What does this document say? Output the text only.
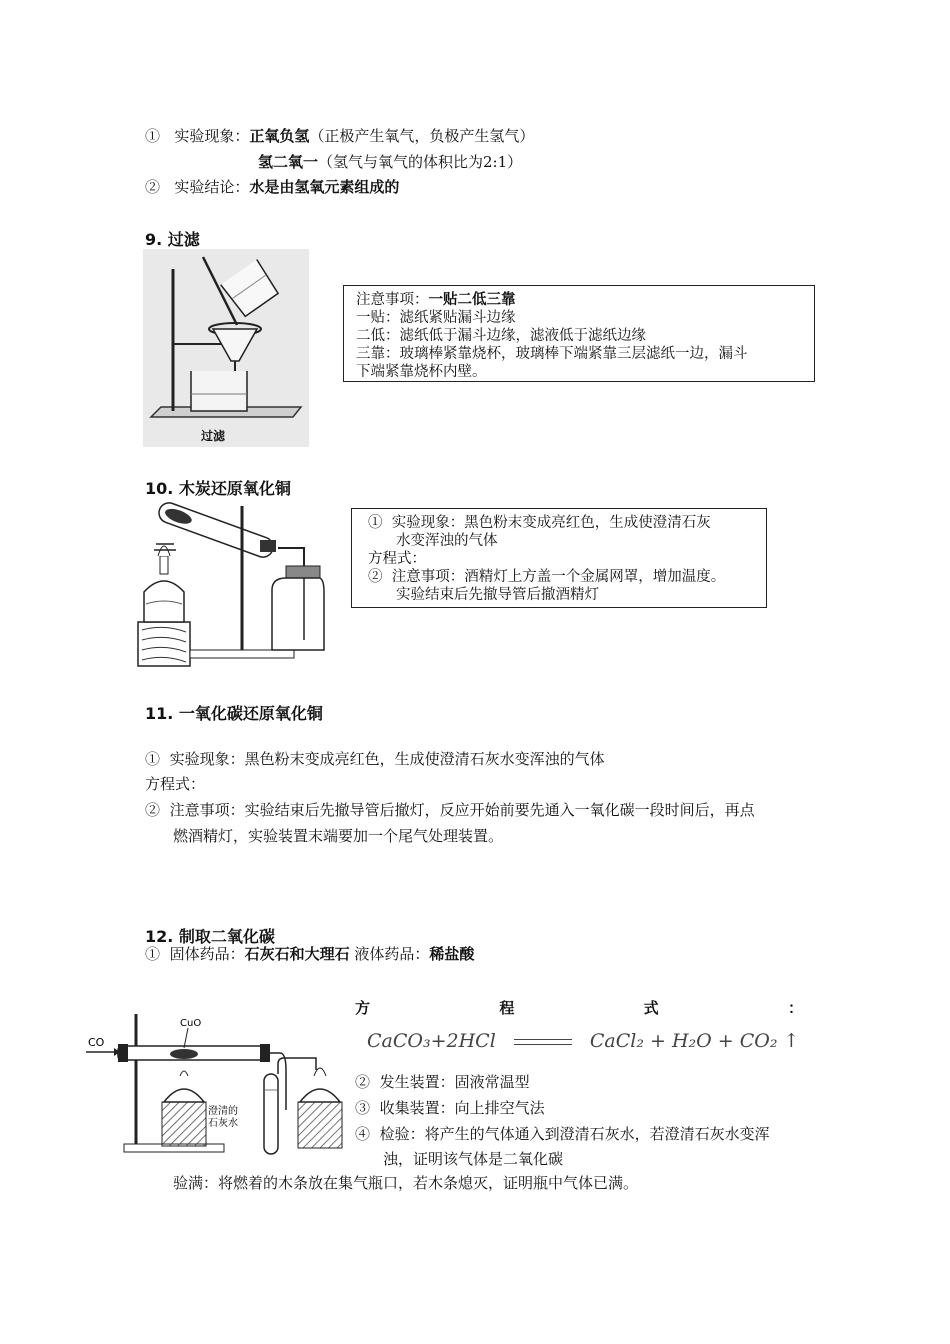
① 实验现象：正氧负氢（正极产生氧气，负极产生氢气）
氢二氧一（氢气与氧气的体积比为2:1）
② 实验结论：水是由氢氧元素组成的
9. 过滤
过滤
注意事项：一贴二低三靠
一贴：滤纸紧贴漏斗边缘
二低：滤纸低于漏斗边缘，滤液低于滤纸边缘
三靠：玻璃棒紧靠烧杯，玻璃棒下端紧靠三层滤纸一边，漏斗
下端紧靠烧杯内壁。
10. 木炭还原氧化铜
① 实验现象：黑色粉末变成亮红色，生成使澄清石灰
水变浑浊的气体
方程式：
② 注意事项：酒精灯上方盖一个金属网罩，增加温度。
实验结束后先撤导管后撤酒精灯
11. 一氧化碳还原氧化铜
① 实验现象：黑色粉末变成亮红色，生成使澄清石灰水变浑浊的气体
方程式：
② 注意事项：实验结束后先撤导管后撤灯，反应开始前要先通入一氧化碳一段时间后，再点
燃酒精灯，实验装置末端要加一个尾气处理装置。
12. 制取二氧化碳
① 固体药品：石灰石和大理石 液体药品：稀盐酸
CO
CuO
澄清的
石灰水
方	程	式	：
CaCO₃+2HCl	CaCl₂ + H₂O + CO₂ ↑
② 发生装置：固液常温型
③ 收集装置：向上排空气法
④ 检验：将产生的气体通入到澄清石灰水，若澄清石灰水变浑
浊，证明该气体是二氧化碳
验满：将燃着的木条放在集气瓶口，若木条熄灭，证明瓶中气体已满。
